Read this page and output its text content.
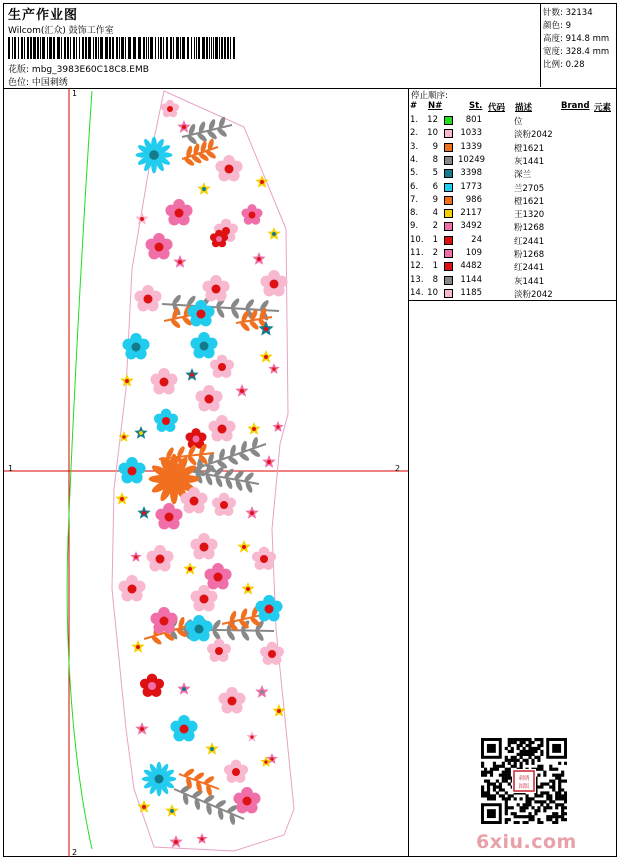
生产作业图
Wilcom(汇众) 鼓饰工作室
花版: mbg_3983E60C18C8.EMB
色位: 中国刺绣
针数: 32134
颜色: 9
高度: 914.8 mm
宽度: 328.4 mm
比例: 0.28
停止顺序:
# N#	St. 代码 描述	Brand 元素
1.	12	801	位
2.	10	1033	淡粉2042
3.	9	1339	橙1621
4.	8 10249	灰1441
5.	5	3398	深兰
6.	6	1773	兰2705
7.	9	986	橙1621
8.	4	2117	王1320
9.	2	3492	粉1268
10.	1	24	红2441
11.	2	109	粉1268
12.	1	4482	红2441
13.	8	1144	灰1441
14. 10	1185	淡粉2042
1
1	2
2
刺绣
图版
6xiu.com
